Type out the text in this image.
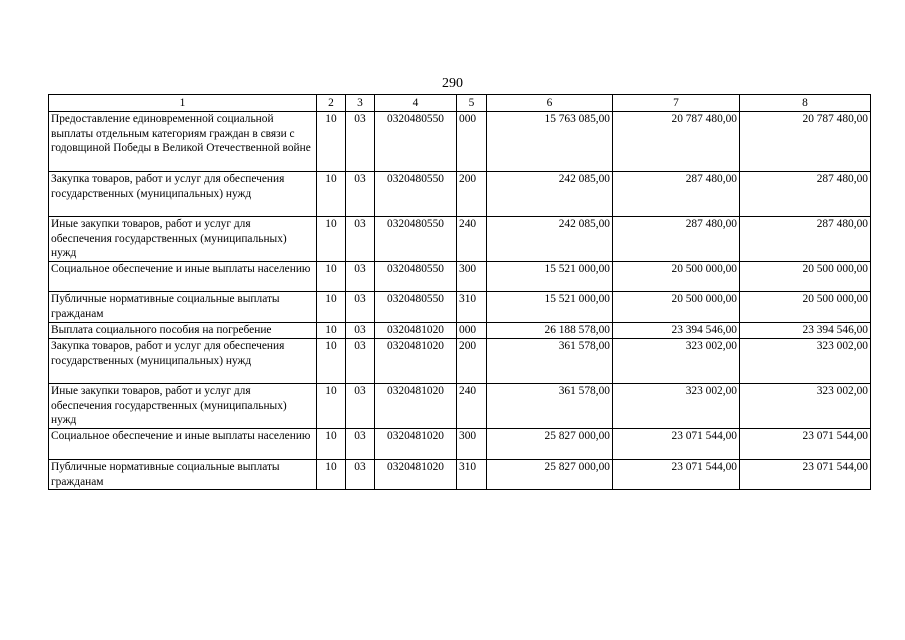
290
1	2	3	4	5	6	7	8
Предоставление единовременной социальной выплаты отдельным категориям граждан в связи с годовщиной Победы в Великой Отечественной войне	10	03	0320480550	000	15 763 085,00	20 787 480,00	20 787 480,00
Закупка товаров, работ и услуг для обеспечения государственных (муниципальных) нужд	10	03	0320480550	200	242 085,00	287 480,00	287 480,00
Иные закупки товаров, работ и услуг для обеспечения государственных (муниципальных) нужд	10	03	0320480550	240	242 085,00	287 480,00	287 480,00
Социальное обеспечение и иные выплаты населению	10	03	0320480550	300	15 521 000,00	20 500 000,00	20 500 000,00
Публичные нормативные социальные выплаты гражданам	10	03	0320480550	310	15 521 000,00	20 500 000,00	20 500 000,00
Выплата социального пособия на погребение	10	03	0320481020	000	26 188 578,00	23 394 546,00	23 394 546,00
Закупка товаров, работ и услуг для обеспечения государственных (муниципальных) нужд	10	03	0320481020	200	361 578,00	323 002,00	323 002,00
Иные закупки товаров, работ и услуг для обеспечения государственных (муниципальных) нужд	10	03	0320481020	240	361 578,00	323 002,00	323 002,00
Социальное обеспечение и иные выплаты населению	10	03	0320481020	300	25 827 000,00	23 071 544,00	23 071 544,00
Публичные нормативные социальные выплаты гражданам	10	03	0320481020	310	25 827 000,00	23 071 544,00	23 071 544,00
